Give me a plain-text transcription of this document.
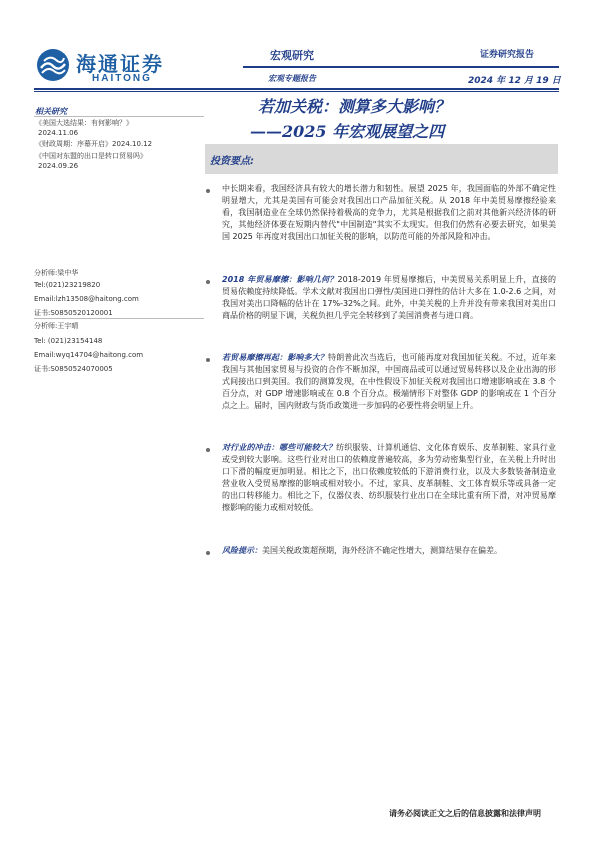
海通证券
HAITONG
宏观研究
宏观专题报告
证券研究报告
2024 年 12 月 19 日
相关研究
《美国大选结果：有何影响？》
2024.11.06
《财政周期：序幕开启》2024.10.12
《中国对东盟的出口是转口贸易吗》
2024.09.26
分析师:梁中华
Tel:(021)23219820
Email:lzh13508@haitong.com
证书:S0850520120001
分析师:王宇晴
Tel: (021)23154148
Email:wyq14704@haitong.com
证书:S0850524070005
若加关税：测算多大影响？
——2025 年宏观展望之四
投资要点:
中长期来看，我国经济具有较大的增长潜力和韧性。展望 2025 年，我国面临的外部不确定性明显增大，尤其是美国有可能会对我国出口产品加征关税。从 2018 年中美贸易摩擦经验来看，我国制造业在全球仍然保持着极高的竞争力，尤其是根据我们之前对其他新兴经济体的研究，其他经济体要在短期内替代"中国制造"其实不太现实。但我们仍然有必要去研究，如果美国 2025 年再度对我国出口加征关税的影响，以防范可能的外部风险和冲击。
2018 年贸易摩擦：影响几何？2018-2019 年贸易摩擦后，中美贸易关系明显上升，直接的贸易依赖度持续降低。学术文献对我国出口弹性/美国进口弹性的估计大多在 1.0-2.6 之间，对我国对美出口降幅的估计在 17%-32%之间。此外，中美关税的上升并没有带来我国对美出口商品价格的明显下调，关税负担几乎完全转移到了美国消费者与进口商。
若贸易摩擦再起：影响多大？特朗普此次当选后，也可能再度对我国加征关税。不过，近年来我国与其他国家贸易与投资的合作不断加深，中国商品或可以通过贸易转移以及企业出海的形式间接出口到美国。我们的测算发现，在中性假设下加征关税对我国出口增速影响或在 3.8 个百分点，对 GDP 增速影响或在 0.8 个百分点。极端情形下对整体 GDP 的影响或在 1 个百分点之上。届时，国内财政与货币政策进一步加码的必要性将会明显上升。
对行业的冲击：哪些可能较大？纺织服装、计算机通信、文化体育娱乐、皮革制鞋、家具行业或受到较大影响。这些行业对出口的依赖度普遍较高，多为劳动密集型行业，在关税上升时出口下滑的幅度更加明显。相比之下，出口依赖度较低的下游消费行业，以及大多数装备制造业营业收入受贸易摩擦的影响或相对较小。不过，家具、皮革制鞋、文工体育娱乐等或具备一定的出口转移能力。相比之下，仪器仪表、纺织服装行业出口在全球比重有所下滑，对冲贸易摩擦影响的能力或相对较低。
风险提示：美国关税政策超预期，海外经济不确定性增大，测算结果存在偏差。
请务必阅读正文之后的信息披露和法律声明
